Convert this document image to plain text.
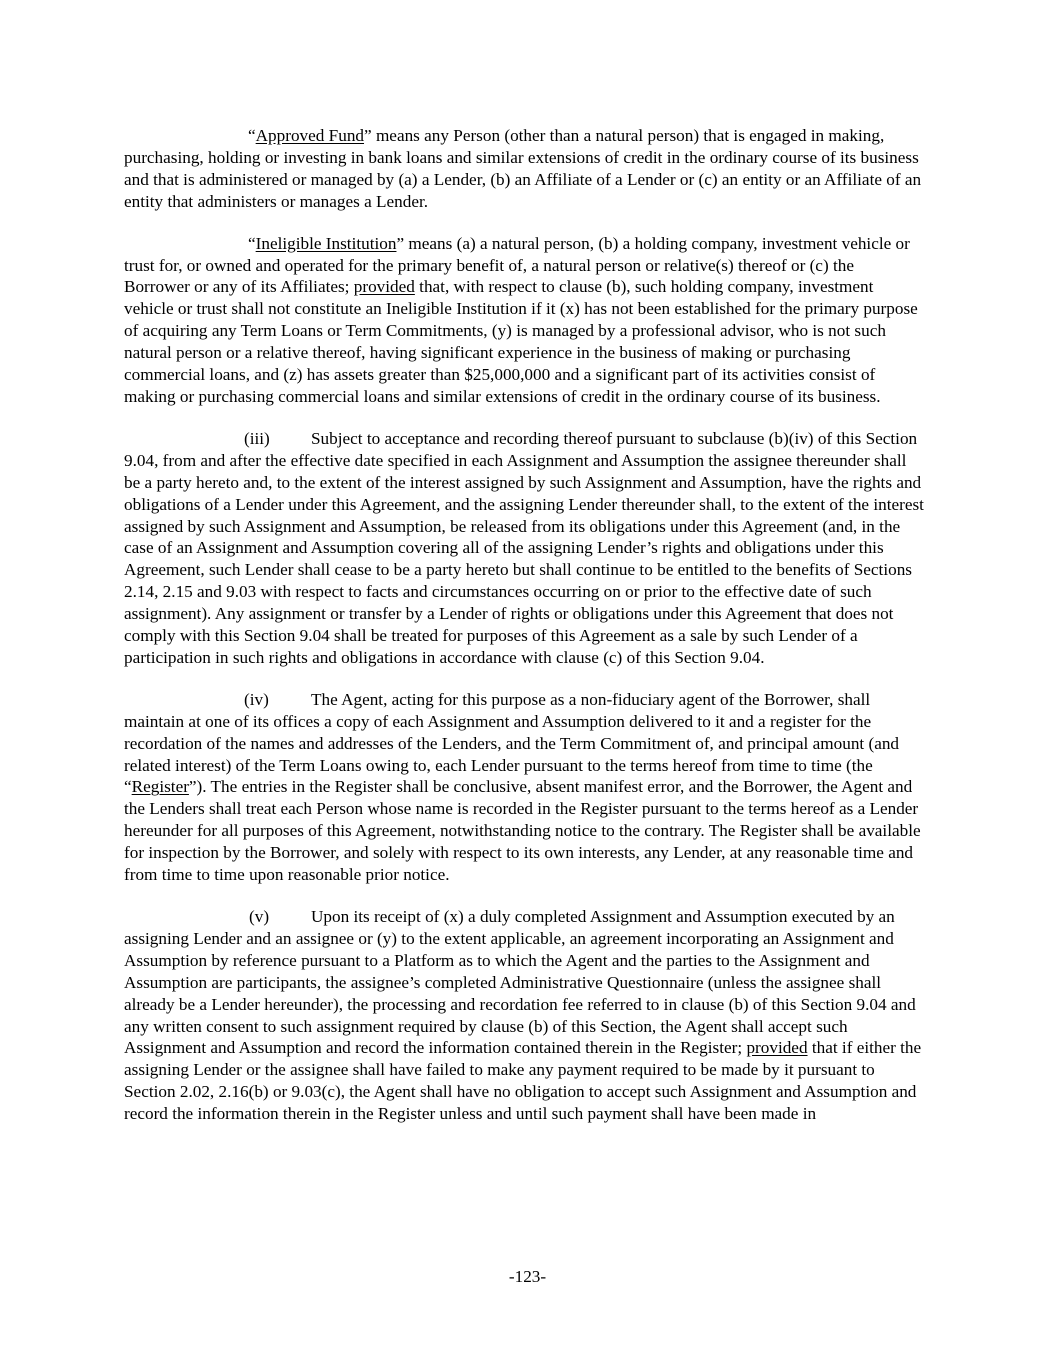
“Approved Fund” means any Person (other than a natural person) that is engaged in making, purchasing, holding or investing in bank loans and similar extensions of credit in the ordinary course of its business and that is administered or managed by (a) a Lender, (b) an Affiliate of a Lender or (c) an entity or an Affiliate of an entity that administers or manages a Lender.

“Ineligible Institution” means (a) a natural person, (b) a holding company, investment vehicle or trust for, or owned and operated for the primary benefit of, a natural person or relative(s) thereof or (c) the Borrower or any of its Affiliates; provided that, with respect to clause (b), such holding company, investment vehicle or trust shall not constitute an Ineligible Institution if it (x) has not been established for the primary purpose of acquiring any Term Loans or Term Commitments, (y) is managed by a professional advisor, who is not such natural person or a relative thereof, having significant experience in the business of making or purchasing commercial loans, and (z) has assets greater than $25,000,000 and a significant part of its activities consist of making or purchasing commercial loans and similar extensions of credit in the ordinary course of its business.

(iii) Subject to acceptance and recording thereof pursuant to subclause (b)(iv) of this Section 9.04, from and after the effective date specified in each Assignment and Assumption the assignee thereunder shall be a party hereto and, to the extent of the interest assigned by such Assignment and Assumption, have the rights and obligations of a Lender under this Agreement, and the assigning Lender thereunder shall, to the extent of the interest assigned by such Assignment and Assumption, be released from its obligations under this Agreement (and, in the case of an Assignment and Assumption covering all of the assigning Lender’s rights and obligations under this Agreement, such Lender shall cease to be a party hereto but shall continue to be entitled to the benefits of Sections 2.14, 2.15 and 9.03 with respect to facts and circumstances occurring on or prior to the effective date of such assignment). Any assignment or transfer by a Lender of rights or obligations under this Agreement that does not comply with this Section 9.04 shall be treated for purposes of this Agreement as a sale by such Lender of a participation in such rights and obligations in accordance with clause (c) of this Section 9.04.

(iv) The Agent, acting for this purpose as a non-fiduciary agent of the Borrower, shall maintain at one of its offices a copy of each Assignment and Assumption delivered to it and a register for the recordation of the names and addresses of the Lenders, and the Term Commitment of, and principal amount (and related interest) of the Term Loans owing to, each Lender pursuant to the terms hereof from time to time (the “Register”). The entries in the Register shall be conclusive, absent manifest error, and the Borrower, the Agent and the Lenders shall treat each Person whose name is recorded in the Register pursuant to the terms hereof as a Lender hereunder for all purposes of this Agreement, notwithstanding notice to the contrary. The Register shall be available for inspection by the Borrower, and solely with respect to its own interests, any Lender, at any reasonable time and from time to time upon reasonable prior notice.

(v) Upon its receipt of (x) a duly completed Assignment and Assumption executed by an assigning Lender and an assignee or (y) to the extent applicable, an agreement incorporating an Assignment and Assumption by reference pursuant to a Platform as to which the Agent and the parties to the Assignment and Assumption are participants, the assignee’s completed Administrative Questionnaire (unless the assignee shall already be a Lender hereunder), the processing and recordation fee referred to in clause (b) of this Section 9.04 and any written consent to such assignment required by clause (b) of this Section, the Agent shall accept such Assignment and Assumption and record the information contained therein in the Register; provided that if either the assigning Lender or the assignee shall have failed to make any payment required to be made by it pursuant to Section 2.02, 2.16(b) or 9.03(c), the Agent shall have no obligation to accept such Assignment and Assumption and record the information therein in the Register unless and until such payment shall have been made in

-123-
